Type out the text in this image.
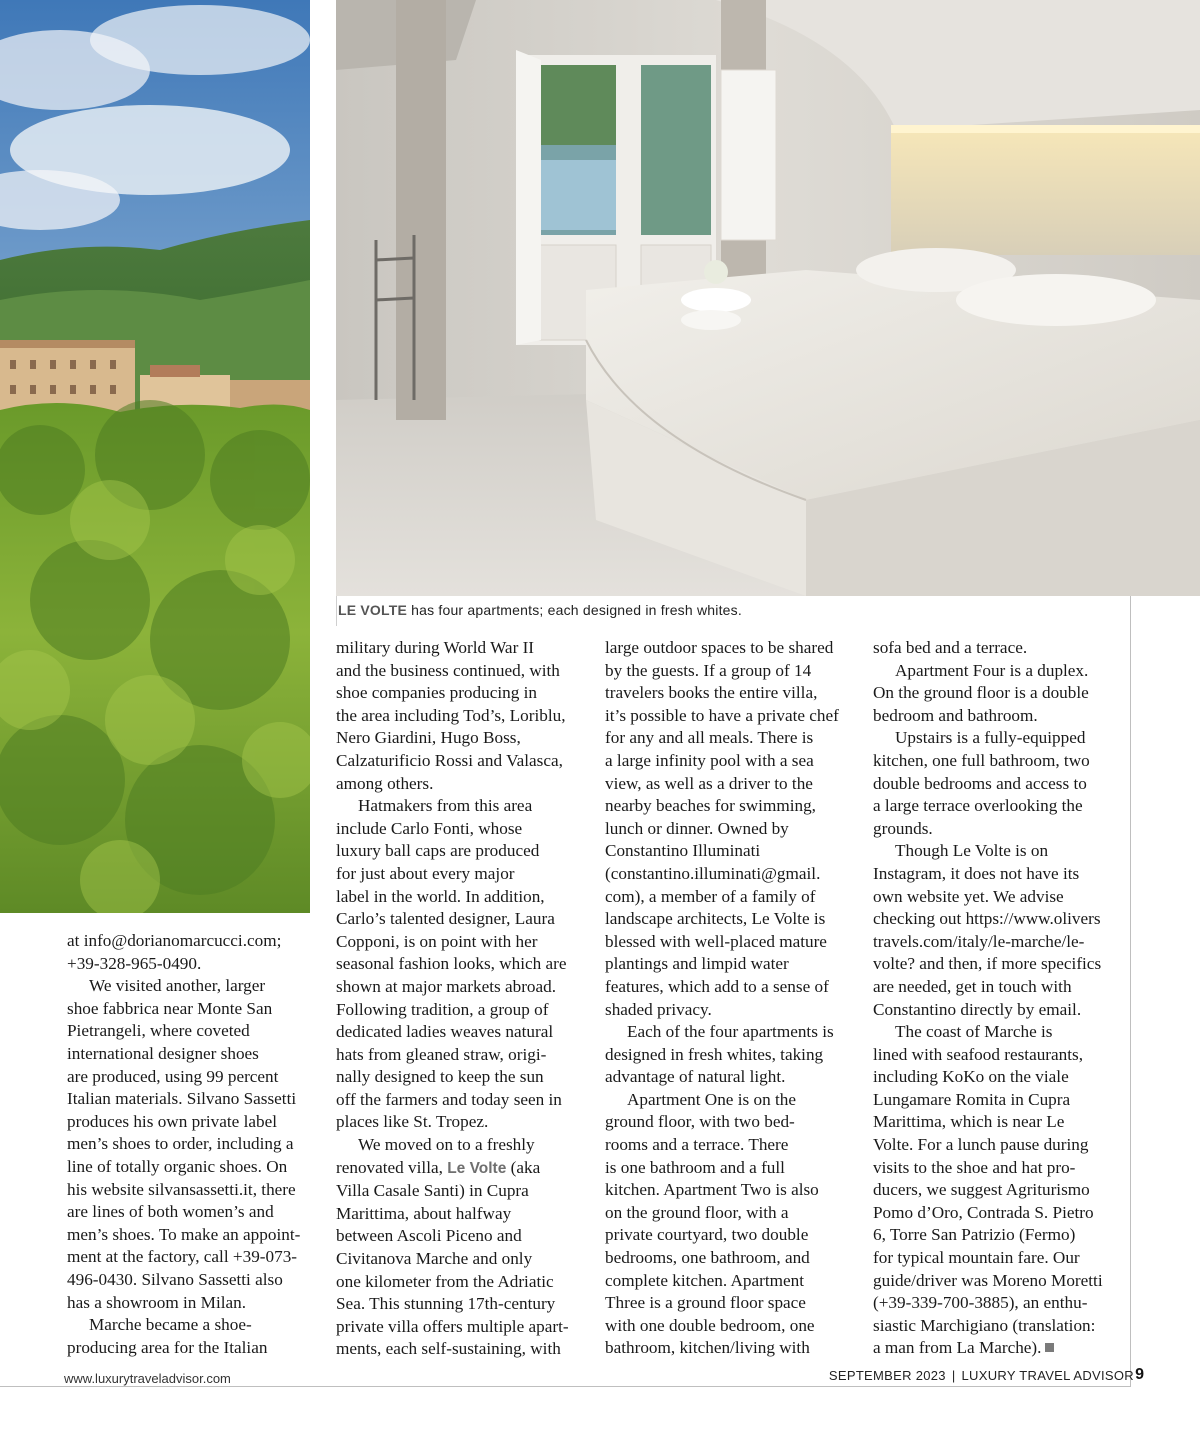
LE VOLTE has four apartments; each designed in fresh whites.

at info@dorianomarcucci.com;
+39-328-965-0490.

We visited another, larger

shoe fabbrica near Monte San
Pietrangeli, where coveted
international designer shoes
are produced, using 99 percent
Italian materials. Silvano Sassetti
produces his own private label
men’s shoes to order, including a
line of totally organic shoes. On
his website silvansassetti.it, there
are lines of both women’s and
men’s shoes. To make an appoint-
ment at the factory, call +39-073-
496-0430. Silvano Sassetti also
has a showroom in Milan.

Marche became a shoe-

producing area for the Italian

military during World War II
and the business continued, with
shoe companies producing in
the area including Tod’s, Loriblu,
Nero Giardini, Hugo Boss,
Calzaturificio Rossi and Valasca,
among others.

Hatmakers from this area

include Carlo Fonti, whose
luxury ball caps are produced
for just about every major
label in the world. In addition,
Carlo’s talented designer, Laura
Copponi, is on point with her
seasonal fashion looks, which are
shown at major markets abroad.
Following tradition, a group of
dedicated ladies weaves natural
hats from gleaned straw, origi-
nally designed to keep the sun
off the farmers and today seen in
places like St. Tropez.

We moved on to a freshly

renovated villa, Le Volte (aka
Villa Casale Santi) in Cupra
Marittima, about halfway
between Ascoli Piceno and
Civitanova Marche and only
one kilometer from the Adriatic
Sea. This stunning 17th-century
private villa offers multiple apart-
ments, each self-sustaining, with

large outdoor spaces to be shared
by the guests. If a group of 14
travelers books the entire villa,
it’s possible to have a private chef
for any and all meals. There is
a large infinity pool with a sea
view, as well as a driver to the
nearby beaches for swimming,
lunch or dinner. Owned by
Constantino Illuminati
(constantino.illuminati@gmail.
com), a member of a family of
landscape architects, Le Volte is
blessed with well-placed mature
plantings and limpid water
features, which add to a sense of
shaded privacy.

Each of the four apartments is

designed in fresh whites, taking
advantage of natural light.

Apartment One is on the

ground floor, with two bed-
rooms and a terrace. There
is one bathroom and a full
kitchen. Apartment Two is also
on the ground floor, with a
private courtyard, two double
bedrooms, one bathroom, and
complete kitchen. Apartment
Three is a ground floor space
with one double bedroom, one
bathroom, kitchen/living with

sofa bed and a terrace.

Apartment Four is a duplex.

On the ground floor is a double
bedroom and bathroom.

Upstairs is a fully-equipped

kitchen, one full bathroom, two
double bedrooms and access to
a large terrace overlooking the
grounds.

Though Le Volte is on

Instagram, it does not have its
own website yet. We advise
checking out https://www.olivers
travels.com/italy/le-marche/le-
volte? and then, if more specifics
are needed, get in touch with
Constantino directly by email.

The coast of Marche is

lined with seafood restaurants,
including KoKo on the viale
Lungamare Romita in Cupra
Marittima, which is near Le
Volte. For a lunch pause during
visits to the shoe and hat pro-
ducers, we suggest Agriturismo
Pomo d’Oro, Contrada S. Pietro
6, Torre San Patrizio (Fermo)
for typical mountain fare. Our
guide/driver was Moreno Moretti
(+39-339-700-3885), an enthu-
siastic Marchigiano (translation:
a man from La Marche).

www.luxurytraveladvisor.com	SEPTEMBER 2023 | LUXURY TRAVEL ADVISOR 9
